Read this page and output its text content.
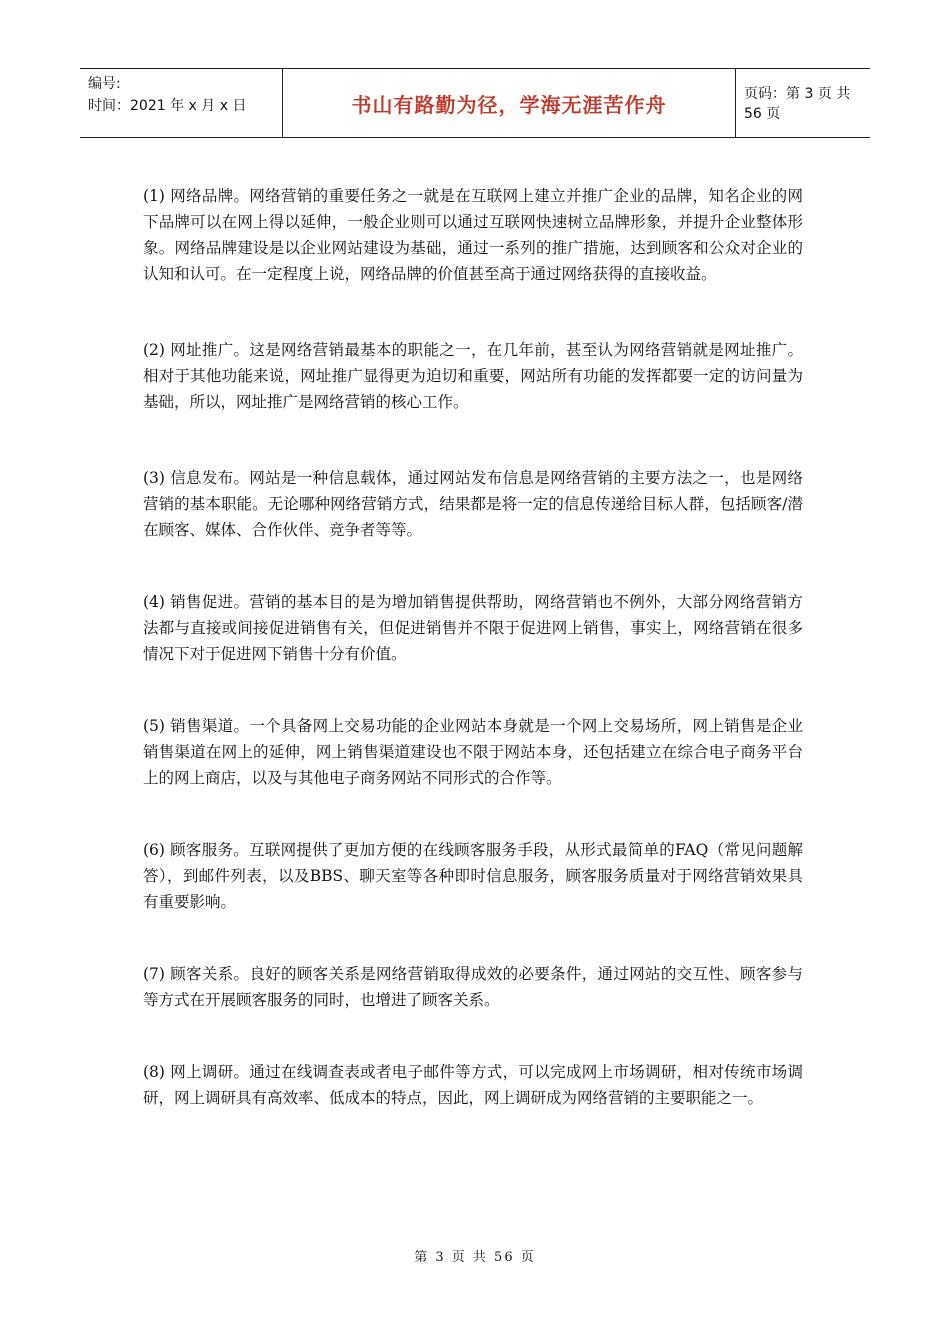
编号:
时间：2021 年 x 月 x 日	书山有路勤为径，学海无涯苦作舟	页码：第 3 页 共 56 页

(1) 网络品牌。网络营销的重要任务之一就是在互联网上建立并推广企业的品牌，知名企业的网下品牌可以在网上得以延伸，一般企业则可以通过互联网快速树立品牌形象，并提升企业整体形象。网络品牌建设是以企业网站建设为基础，通过一系列的推广措施，达到顾客和公众对企业的认知和认可。在一定程度上说，网络品牌的价值甚至高于通过网络获得的直接收益。

(2) 网址推广。这是网络营销最基本的职能之一，在几年前，甚至认为网络营销就是网址推广。相对于其他功能来说，网址推广显得更为迫切和重要，网站所有功能的发挥都要一定的访问量为基础，所以，网址推广是网络营销的核心工作。

(3) 信息发布。网站是一种信息载体，通过网站发布信息是网络营销的主要方法之一，也是网络营销的基本职能。无论哪种网络营销方式，结果都是将一定的信息传递给目标人群，包括顾客/潜在顾客、媒体、合作伙伴、竞争者等等。

(4) 销售促进。营销的基本目的是为增加销售提供帮助，网络营销也不例外，大部分网络营销方法都与直接或间接促进销售有关，但促进销售并不限于促进网上销售，事实上，网络营销在很多情况下对于促进网下销售十分有价值。

(5) 销售渠道。一个具备网上交易功能的企业网站本身就是一个网上交易场所，网上销售是企业销售渠道在网上的延伸，网上销售渠道建设也不限于网站本身，还包括建立在综合电子商务平台上的网上商店，以及与其他电子商务网站不同形式的合作等。

(6) 顾客服务。互联网提供了更加方便的在线顾客服务手段，从形式最简单的FAQ（常见问题解答），到邮件列表，以及BBS、聊天室等各种即时信息服务，顾客服务质量对于网络营销效果具有重要影响。

(7) 顾客关系。良好的顾客关系是网络营销取得成效的必要条件，通过网站的交互性、顾客参与等方式在开展顾客服务的同时，也增进了顾客关系。

(8) 网上调研。通过在线调查表或者电子邮件等方式，可以完成网上市场调研，相对传统市场调研，网上调研具有高效率、低成本的特点，因此，网上调研成为网络营销的主要职能之一。

第 3 页 共 56 页
